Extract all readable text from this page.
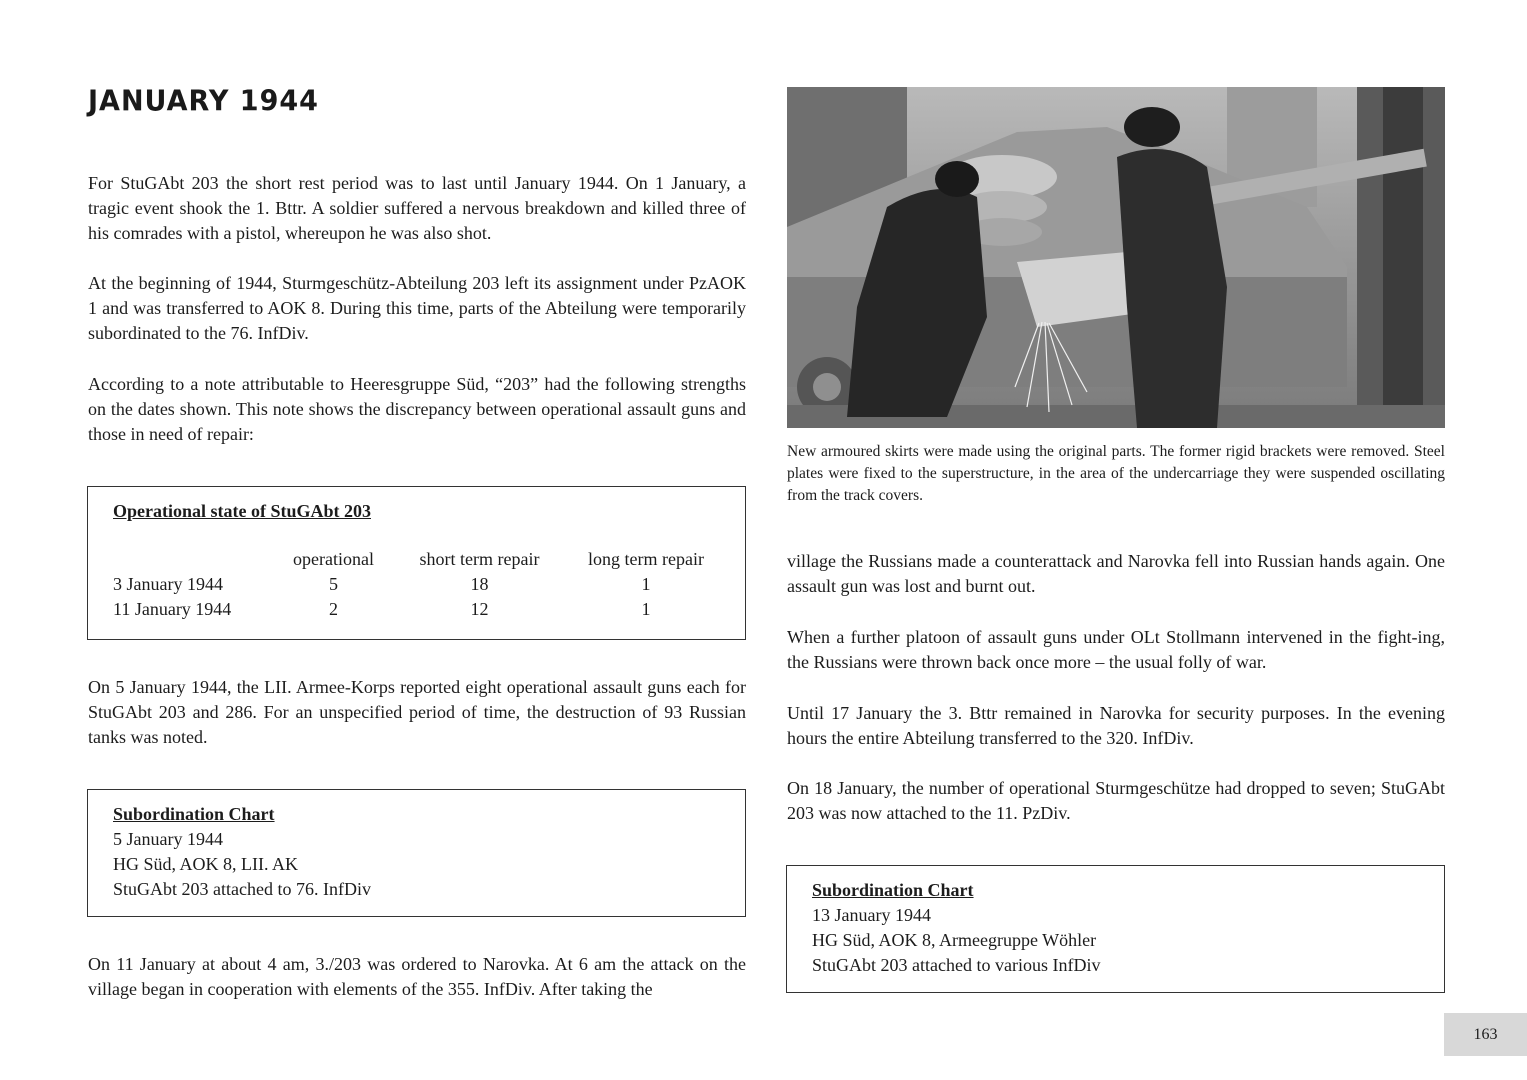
JANUARY 1944

For StuGAbt 203 the short rest period was to last until January 1944. On 1 January, a tragic event shook the 1. Bttr. A soldier suffered a nervous breakdown and killed three of his comrades with a pistol, whereupon he was also shot.

At the beginning of 1944, Sturmgeschütz-Abteilung 203 left its assignment under PzAOK 1 and was transferred to AOK 8. During this time, parts of the Abteilung were temporarily subordinated to the 76. InfDiv.

According to a note attributable to Heeresgruppe Süd, “203” had the following strengths on the dates shown. This note shows the discrepancy between operational assault guns and those in need of repair:

Operational state of StuGAbt 203
	operational	short term repair	long term repair
3 January 1944	5	18	1
11 January 1944	2	12	1

On 5 January 1944, the LII. Armee-Korps reported eight operational assault guns each for StuGAbt 203 and 286. For an unspecified period of time, the destruction of 93 Russian tanks was noted.

Subordination Chart
5 January 1944
HG Süd, AOK 8, LII. AK
StuGAbt 203 attached to 76. InfDiv

On 11 January at about 4 am, 3./203 was ordered to Narovka. At 6 am the attack on the village began in cooperation with elements of the 355. InfDiv. After taking the

New armoured skirts were made using the original parts. The former rigid brackets were removed. Steel plates were fixed to the superstructure, in the area of the undercarriage they were suspended oscillating from the track covers.

village the Russians made a counterattack and Narovka fell into Russian hands again. One assault gun was lost and burnt out.

When a further platoon of assault guns under OLt Stollmann intervened in the fight-ing, the Russians were thrown back once more – the usual folly of war.

Until 17 January the 3. Bttr remained in Narovka for security purposes. In the evening hours the entire Abteilung transferred to the 320. InfDiv.

On 18 January, the number of operational Sturmgeschütze had dropped to seven; StuGAbt 203 was now attached to the 11. PzDiv.

Subordination Chart
13 January 1944
HG Süd, AOK 8, Armeegruppe Wöhler
StuGAbt 203 attached to various InfDiv
163
